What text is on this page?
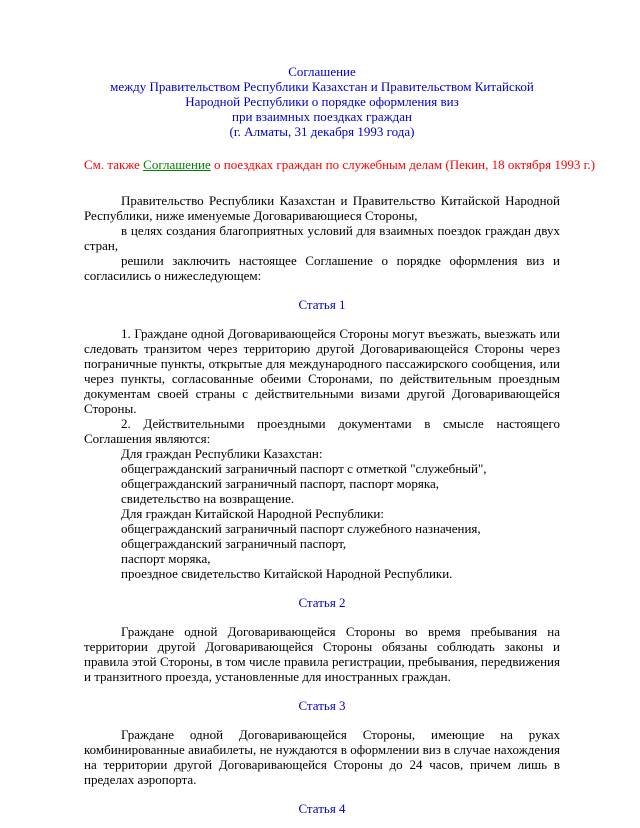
Соглашение
между Правительством Республики Казахстан и Правительством Китайской
Народной Республики о порядке оформления виз
при взаимных поездках граждан
(г. Алматы, 31 декабря 1993 года)
См. также Соглашение о поездках граждан по служебным делам (Пекин, 18 октября 1993 г.)

Правительство Республики Казахстан и Правительство Китайской Народной Республики, ниже именуемые Договаривающиеся Стороны,

в целях создания благоприятных условий для взаимных поездок граждан двух стран,

решили заключить настоящее Соглашение о порядке оформления виз и согласились о нижеследующем:

Статья 1

1. Граждане одной Договаривающейся Стороны могут въезжать, выезжать или следовать транзитом через территорию другой Договаривающейся Стороны через пограничные пункты, открытые для международного пассажирского сообщения, или через пункты, согласованные обеими Сторонами, по действительным проездным документам своей страны с действительными визами другой Договаривающейся Стороны.

2. Действительными проездными документами в смысле настоящего Соглашения являются:

Для граждан Республики Казахстан:

общегражданский заграничный паспорт с отметкой "служебный",

общегражданский заграничный паспорт, паспорт моряка,

свидетельство на возвращение.

Для граждан Китайской Народной Республики:

общегражданский заграничный паспорт служебного назначения,

общегражданский заграничный паспорт,

паспорт моряка,

проездное свидетельство Китайской Народной Республики.

Статья 2

Граждане одной Договаривающейся Стороны во время пребывания на территории другой Договаривающейся Стороны обязаны соблюдать законы и правила этой Стороны, в том числе правила регистрации, пребывания, передвижения и транзитного проезда, установленные для иностранных граждан.

Статья 3

Граждане одной Договаривающейся Стороны, имеющие на руках комбинированные авиабилеты, не нуждаются в оформлении виз в случае нахождения на территории другой Договаривающейся Стороны до 24 часов, причем лишь в пределах аэропорта.

Статья 4
